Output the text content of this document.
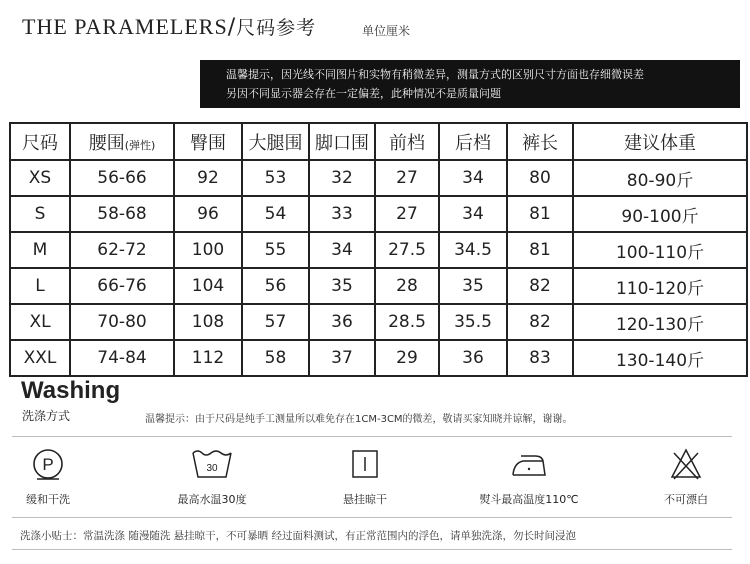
THE PARAMELERS/尺码参考	单位厘米
温馨提示，因光线不同图片和实物有稍微差异，测量方式的区别尺寸方面也存细微误差
另因不同显示器会存在一定偏差，此种情况不是质量问题
尺码	腰围(弹性)	臀围	大腿围	脚口围	前档	后档	裤长	建议体重
XS	56-66	92	53	32	27	34	80	80-90斤
S	58-68	96	54	33	27	34	81	90-100斤
M	62-72	100	55	34	27.5	34.5	81	100-110斤
L	66-76	104	56	35	28	35	82	110-120斤
XL	70-80	108	57	36	28.5	35.5	82	120-130斤
XXL	74-84	112	58	37	29	36	83	130-140斤
Washing
洗涤方式	温馨提示：由于尺码是纯手工测量所以难免存在1CM-3CM的微差，敬请买家知晓并谅解，谢谢。
P
缓和干洗
30
最高水温30度	悬挂晾干	熨斗最高温度110℃	不可漂白
洗涤小贴士：常温洗涤 随漫随洗 悬挂晾干，不可暴晒 经过面料测试，有正常范围内的浮色，请单独洗涤，勿长时间浸泡
